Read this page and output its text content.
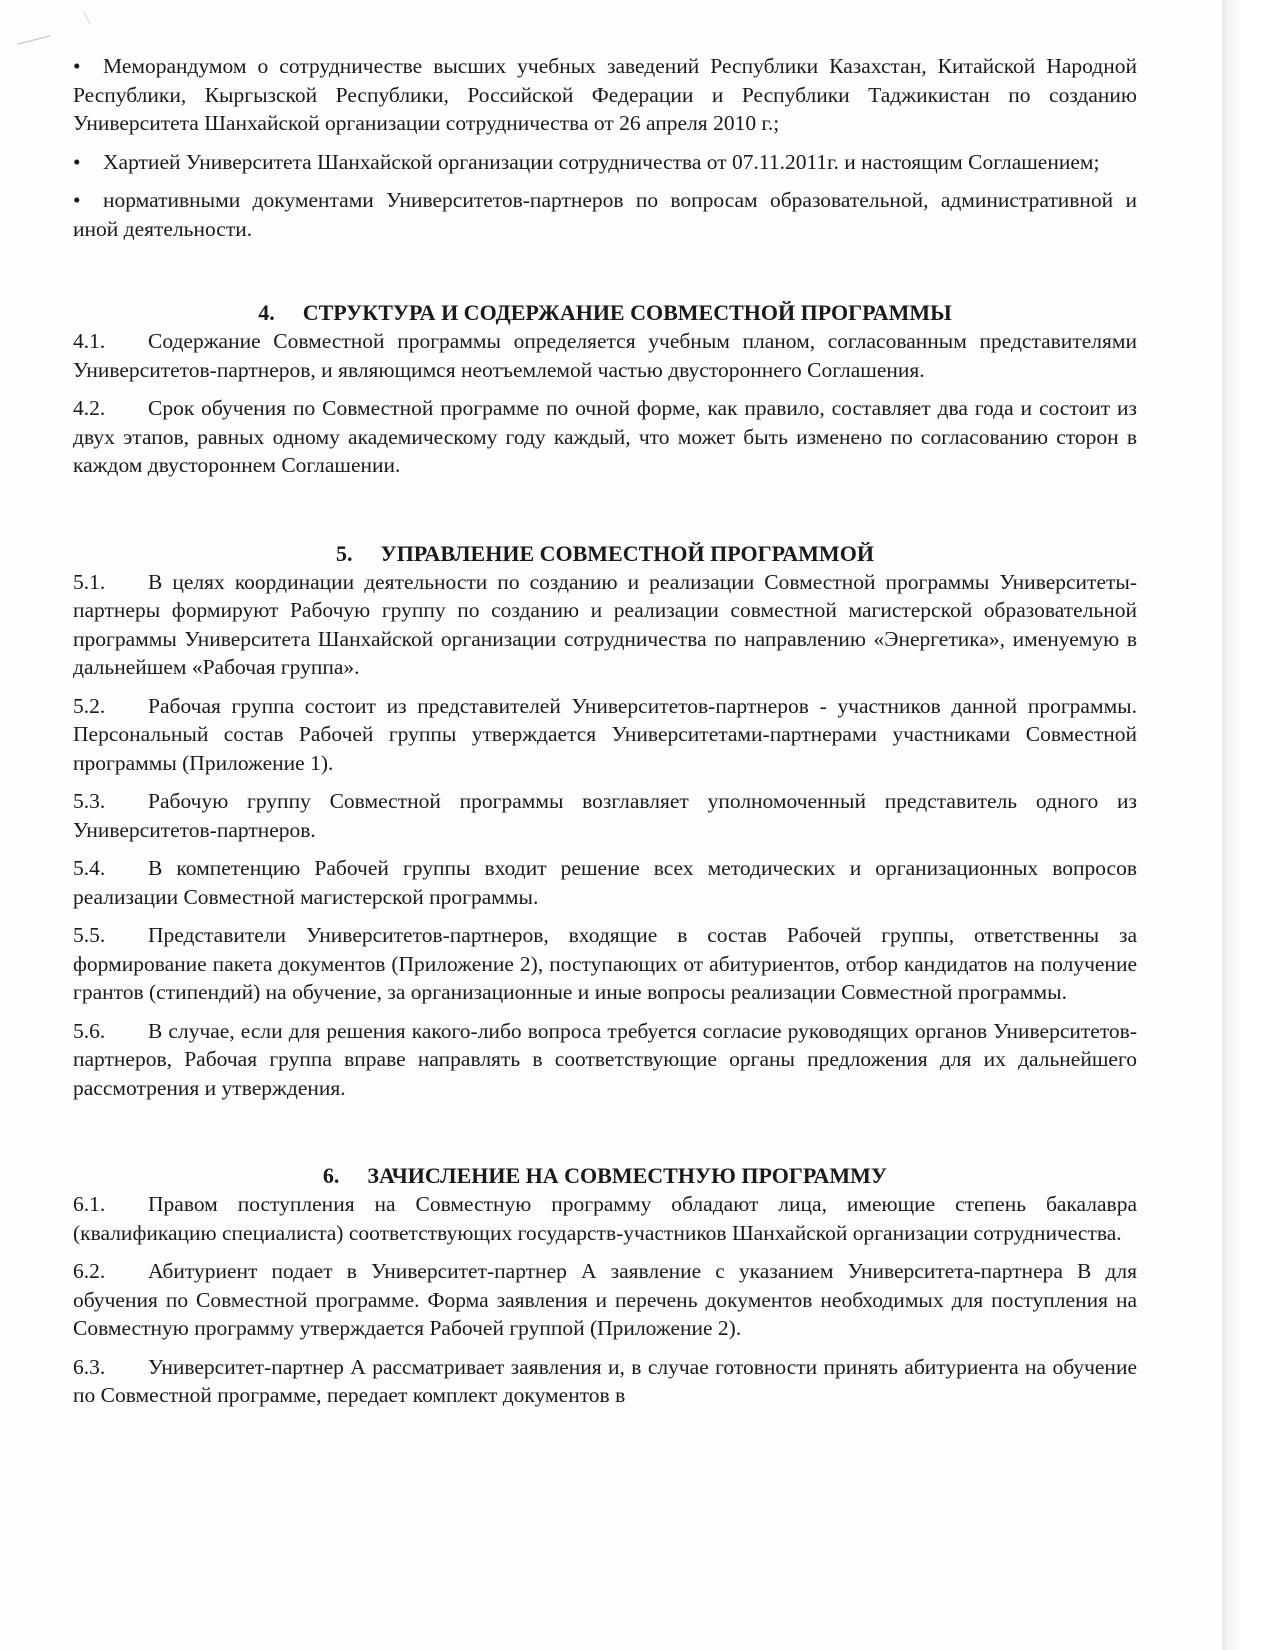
• Меморандумом о сотрудничестве высших учебных заведений Республики Казахстан, Китайской Народной Республики, Кыргызской Республики, Российской Федерации и Республики Таджикистан по созданию Университета Шанхайской организации сотрудничества от 26 апреля 2010 г.;

• Хартией Университета Шанхайской организации сотрудничества от 07.11.2011г. и настоящим Соглашением;

• нормативными документами Университетов-партнеров по вопросам образовательной, административной и иной деятельности.

4. СТРУКТУРА И СОДЕРЖАНИЕ СОВМЕСТНОЙ ПРОГРАММЫ

4.1. Содержание Совместной программы определяется учебным планом, согласованным представителями Университетов-партнеров, и являющимся неотъемлемой частью двустороннего Соглашения.

4.2. Срок обучения по Совместной программе по очной форме, как правило, составляет два года и состоит из двух этапов, равных одному академическому году каждый, что может быть изменено по согласованию сторон в каждом двустороннем Соглашении.

5. УПРАВЛЕНИЕ СОВМЕСТНОЙ ПРОГРАММОЙ

5.1. В целях координации деятельности по созданию и реализации Совместной программы Университеты-партнеры формируют Рабочую группу по созданию и реализации совместной магистерской образовательной программы Университета Шанхайской организации сотрудничества по направлению «Энергетика», именуемую в дальнейшем «Рабочая группа».

5.2. Рабочая группа состоит из представителей Университетов-партнеров - участников данной программы. Персональный состав Рабочей группы утверждается Университетами-партнерами участниками Совместной программы (Приложение 1).

5.3. Рабочую группу Совместной программы возглавляет уполномоченный представитель одного из Университетов-партнеров.

5.4. В компетенцию Рабочей группы входит решение всех методических и организационных вопросов реализации Совместной магистерской программы.

5.5. Представители Университетов-партнеров, входящие в состав Рабочей группы, ответственны за формирование пакета документов (Приложение 2), поступающих от абитуриентов, отбор кандидатов на получение грантов (стипендий) на обучение, за организационные и иные вопросы реализации Совместной программы.

5.6. В случае, если для решения какого-либо вопроса требуется согласие руководящих органов Университетов-партнеров, Рабочая группа вправе направлять в соответствующие органы предложения для их дальнейшего рассмотрения и утверждения.

6. ЗАЧИСЛЕНИЕ НА СОВМЕСТНУЮ ПРОГРАММУ

6.1. Правом поступления на Совместную программу обладают лица, имеющие степень бакалавра (квалификацию специалиста) соответствующих государств-участников Шанхайской организации сотрудничества.

6.2. Абитуриент подает в Университет-партнер А заявление с указанием Университета-партнера В для обучения по Совместной программе. Форма заявления и перечень документов необходимых для поступления на Совместную программу утверждается Рабочей группой (Приложение 2).

6.3. Университет-партнер А рассматривает заявления и, в случае готовности принять абитуриента на обучение по Совместной программе, передает комплект документов в
